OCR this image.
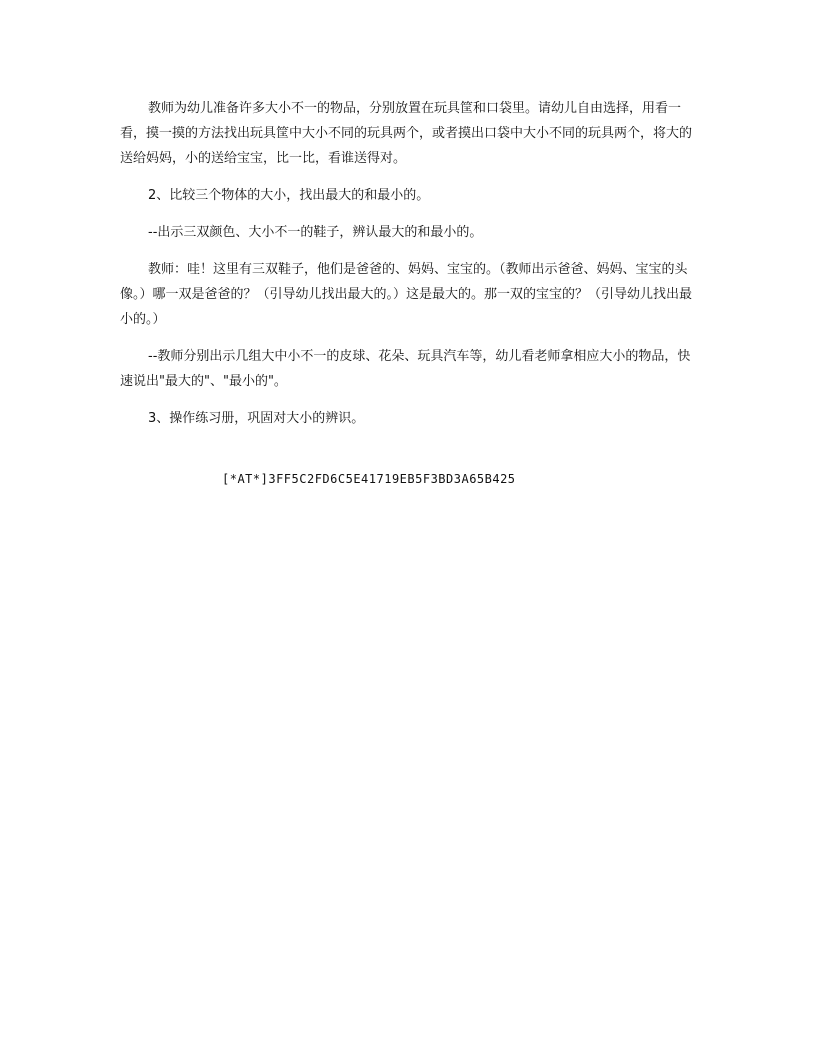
教师为幼儿准备许多大小不一的物品，分别放置在玩具筐和口袋里。请幼儿自由选择，用看一看，摸一摸的方法找出玩具筐中大小不同的玩具两个，或者摸出口袋中大小不同的玩具两个，将大的送给妈妈，小的送给宝宝，比一比，看谁送得对。

2、比较三个物体的大小，找出最大的和最小的。

--出示三双颜色、大小不一的鞋子，辨认最大的和最小的。

教师：哇！这里有三双鞋子，他们是爸爸的、妈妈、宝宝的。（教师出示爸爸、妈妈、宝宝的头像。）哪一双是爸爸的？（引导幼儿找出最大的。）这是最大的。那一双的宝宝的？（引导幼儿找出最小的。）

--教师分别出示几组大中小不一的皮球、花朵、玩具汽车等，幼儿看老师拿相应大小的物品，快速说出"最大的"、"最小的"。

3、操作练习册，巩固对大小的辨识。

[*AT*]3FF5C2FD6C5E41719EB5F3BD3A65B425
